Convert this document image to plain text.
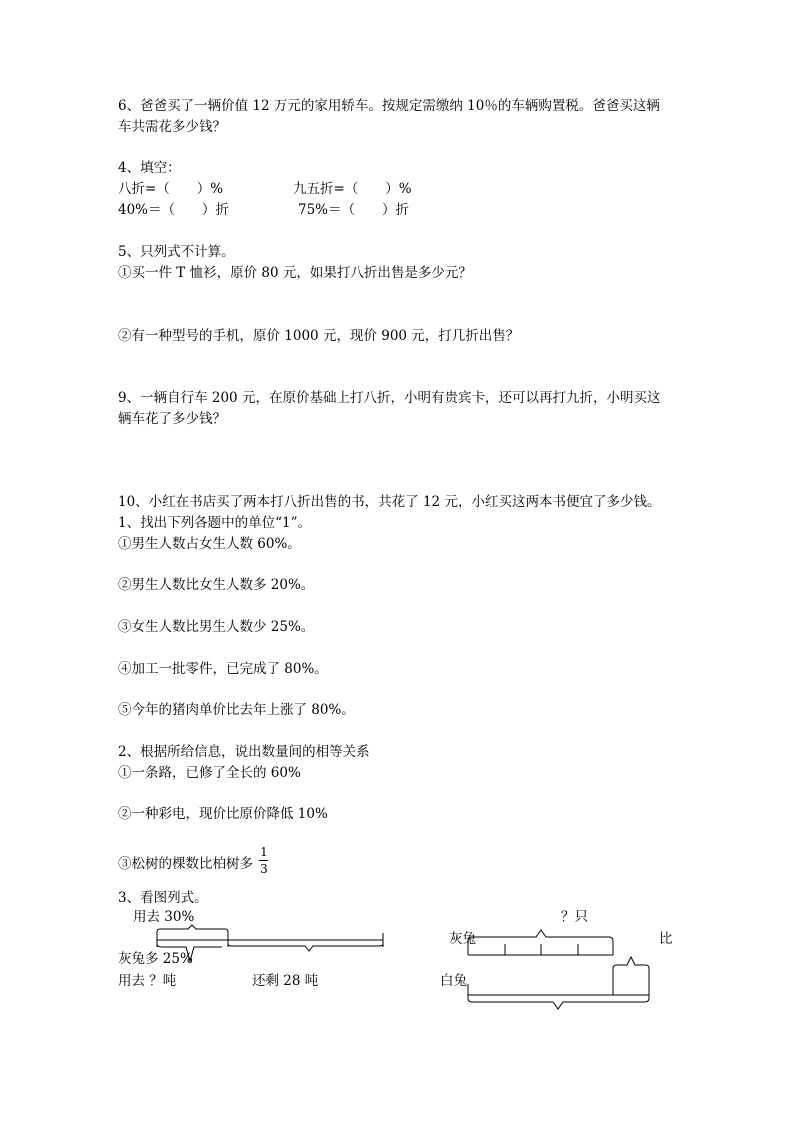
6、爸爸买了一辆价值 12 万元的家用轿车。按规定需缴纳 10％的车辆购置税。爸爸买这辆
车共需花多少钱？
4、填空：
八折=（　　）%	九五折=（　　）%
40%＝（　　）折	75%＝（　　）折
5、只列式不计算。
①买一件 T 恤衫，原价 80 元，如果打八折出售是多少元？
②有一种型号的手机，原价 1000 元，现价 900 元，打几折出售？
9、一辆自行车 200 元，在原价基础上打八折，小明有贵宾卡，还可以再打九折，小明买这
辆车花了多少钱？
10、小红在书店买了两本打八折出售的书，共花了 12 元，小红买这两本书便宜了多少钱。
1、找出下列各题中的单位“1”。
①男生人数占女生人数 60%。
②男生人数比女生人数多 20%。
③女生人数比男生人数少 25%。
④加工一批零件，已完成了 80%。
⑤今年的猪肉单价比去年上涨了 80%。
2、根据所给信息，说出数量间的相等关系
①一条路，已修了全长的 60%
②一种彩电，现价比原价降低 10%
③松树的棵数比柏树多
1
3
3、看图列式。
用去 30%
灰兔多 25%
用去 ？吨	还剩 28 吨
？只
灰兔	比
白兔
